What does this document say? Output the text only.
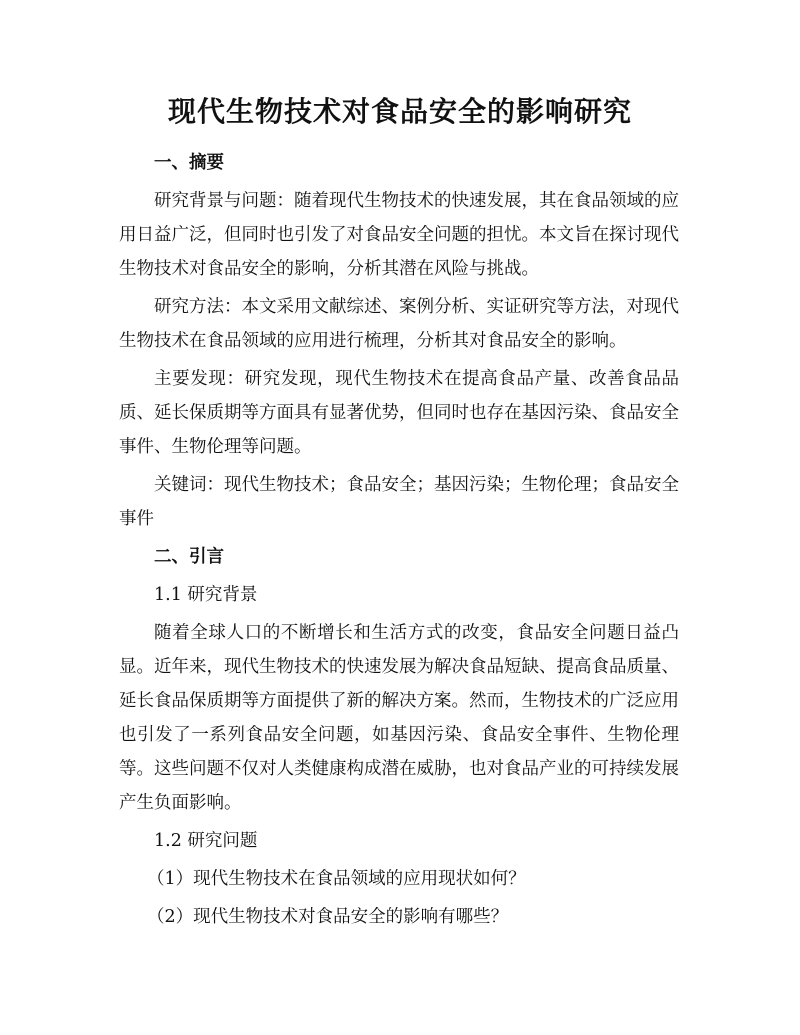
现代生物技术对食品安全的影响研究
一、摘要

研究背景与问题：随着现代生物技术的快速发展，其在食品领域的应用日益广泛，但同时也引发了对食品安全问题的担忧。本文旨在探讨现代生物技术对食品安全的影响，分析其潜在风险与挑战。

研究方法：本文采用文献综述、案例分析、实证研究等方法，对现代生物技术在食品领域的应用进行梳理，分析其对食品安全的影响。

主要发现：研究发现，现代生物技术在提高食品产量、改善食品品质、延长保质期等方面具有显著优势，但同时也存在基因污染、食品安全事件、生物伦理等问题。

关键词：现代生物技术；食品安全；基因污染；生物伦理；食品安全事件

二、引言
1.1 研究背景

随着全球人口的不断增长和生活方式的改变，食品安全问题日益凸显。近年来，现代生物技术的快速发展为解决食品短缺、提高食品质量、延长食品保质期等方面提供了新的解决方案。然而，生物技术的广泛应用也引发了一系列食品安全问题，如基因污染、食品安全事件、生物伦理等。这些问题不仅对人类健康构成潜在威胁，也对食品产业的可持续发展产生负面影响。

1.2 研究问题
（1）现代生物技术在食品领域的应用现状如何？
（2）现代生物技术对食品安全的影响有哪些？
